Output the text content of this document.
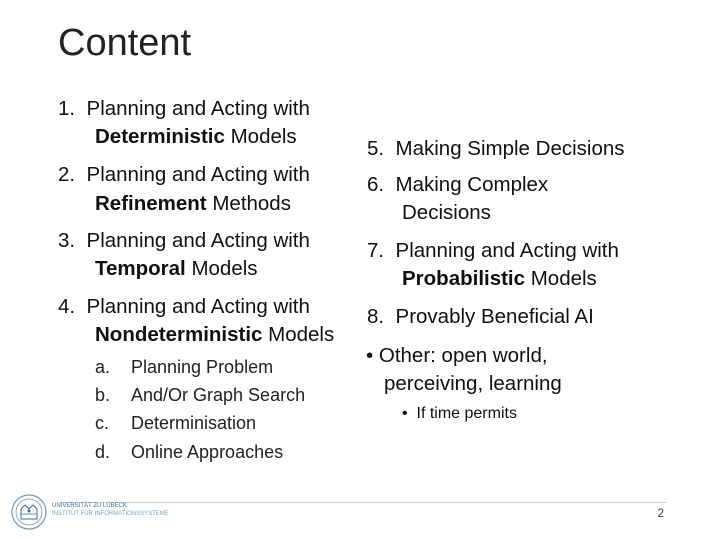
Content
1. Planning and Acting with
Deterministic Models
2. Planning and Acting with
Refinement Methods
3. Planning and Acting with
Temporal Models
4. Planning and Acting with
Nondeterministic Models
a. Planning Problem
b. And/Or Graph Search
c. Determinisation
d. Online Approaches
5. Making Simple Decisions
6. Making Complex
Decisions
7. Planning and Acting with
Probabilistic Models
8. Provably Beneficial AI
• Other: open world,
perceiving, learning
• If time permits
UNIVERSITÄT ZU LÜBECK
INSTITUT FÜR INFORMATIONSSYSTEME	2
